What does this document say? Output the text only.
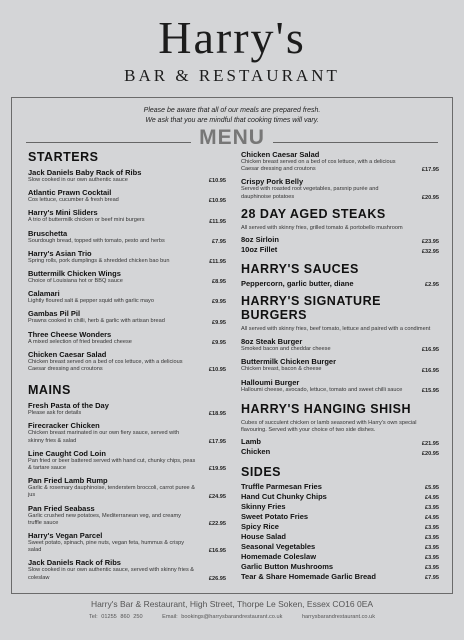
Harry's
BAR & RESTAURANT
Please be aware that all of our meals are prepared fresh.
We ask that you are mindful that cooking times will vary.
MENU
STARTERS
Jack Daniels Baby Rack of Ribs
Slow cooked in our own authentic sauce	£10.95
Atlantic Prawn Cocktail
Cos lettuce, cucumber & fresh bread	£10.95
Harry's Mini Sliders
A trio of buttermilk chicken or beef mini burgers	£11.95
Bruschetta
Sourdough bread, topped with tomato, pesto and herbs	£7.95
Harry's Asian Trio
Spring rolls, pork dumplings & shredded chicken bao bun	£11.95
Buttermilk Chicken Wings
Choice of Louisiana hot or BBQ sauce	£8.95
Calamari
Lightly floured salt & pepper squid with garlic mayo	£9.95
Gambas Pil Pil
Prawns cooked in chilli, herb & garlic with artisan bread	£9.95
Three Cheese Wonders
A mixed selection of fried breaded cheese	£9.95
Chicken Caesar Salad
Chicken breast served on a bed of cos lettuce, with a delicious Caesar dressing and croutons	£10.95
MAINS
Fresh Pasta of the Day
Please ask for details	£18.95
Firecracker Chicken
Chicken breast marinated in our own fiery sauce, served with skinny fries & salad	£17.95
Line Caught Cod Loin
Pan fried or beer battered served with hand cut, chunky chips, peas & tartare sauce	£19.95
Pan Fried Lamb Rump
Garlic & rosemary dauphinoise, tenderstem broccoli, carrot puree & jus	£24.95
Pan Fried Seabass
Garlic crushed new potatoes, Mediterranean veg, and creamy truffle sauce	£22.95
Harry's Vegan Parcel
Sweet potato, spinach, pine nuts, vegan feta, hummus & crispy salad	£16.95
Jack Daniels Rack of Ribs
Slow cooked in our own authentic sauce, served with skinny fries & coleslaw	£26.95
Chicken Caesar Salad
Chicken breast served on a bed of cos lettuce, with a delicious Caesar dressing and croutons	£17.95
Crispy Pork Belly
Served with roasted root vegetables, parsnip purée and dauphinoise potatoes	£20.95
28 DAY AGED STEAKS
All served with skinny fries, grilled tomato & portobello mushroom
8oz Sirloin	£23.95
10oz Fillet	£32.95
HARRY'S SAUCES
Peppercorn, garlic butter, diane	£2.95
HARRY'S SIGNATURE BURGERS
All served with skinny fries, beef tomato, lettuce and paired with a condiment
8oz Steak Burger
Smoked bacon and cheddar cheese	£16.95
Buttermilk Chicken Burger
Chicken breast, bacon & cheese	£16.95
Halloumi Burger
Halloumi cheese, avocado, lettuce, tomato and sweet chilli sauce	£15.95
HARRY'S HANGING SHISH
Cubes of succulent chicken or lamb seasoned with Harry's own special flavouring. Served with your choice of two side dishes.
Lamb	£21.95
Chicken	£20.95
SIDES
Truffle Parmesan Fries	£5.95
Hand Cut Chunky Chips	£4.95
Skinny Fries	£3.95
Sweet Potato Fries	£4.95
Spicy Rice	£3.95
House Salad	£3.95
Seasonal Vegetables	£3.95
Homemade Coleslaw	£3.95
Garlic Button Mushrooms	£3.95
Tear & Share Homemade Garlic Bread	£7.95
Harry's Bar & Restaurant, High Street, Thorpe Le Soken, Essex CO16 0EA
Tel: 01255 860 250	Email: bookings@harrysbarandrestaurant.co.uk	harrysbarandrestaurant.co.uk
